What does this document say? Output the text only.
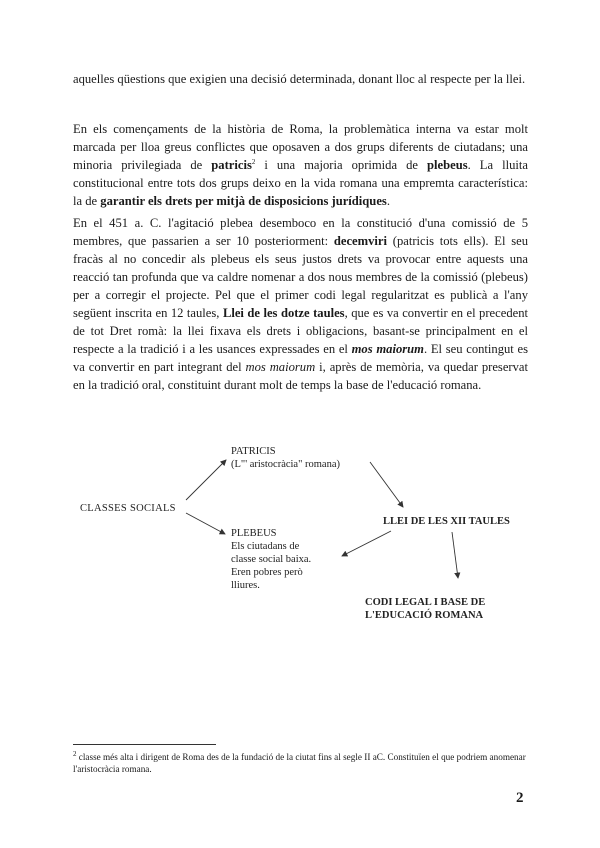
aquelles qüestions que exigien una decisió determinada, donant lloc al respecte per la llei.

En els començaments de la història de Roma, la problemàtica interna va estar molt marcada per lloa greus conflictes que oposaven a dos grups diferents de ciutadans; una minoria privilegiada de patricis$^2$ i una majoria oprimida de plebeus. La lluita constitucional entre tots dos grups deixo en la vida romana una empremta característica: la de garantir els drets per mitjà de disposicions jurídiques.

En el 451 a. C. l'agitació plebea desemboco en la constitució d'una comissió de 5 membres, que passarien a ser 10 posteriorment: decemviri (patricis tots ells). El seu fracàs al no concedir als plebeus els seus justos drets va provocar entre aquests una reacció tan profunda que va caldre nomenar a dos nous membres de la comissió (plebeus) per a corregir el projecte. Pel que el primer codi legal regularitzat es publicà a l'any següent inscrita en 12 taules, Llei de les dotze taules, que es va convertir en el precedent de tot Dret romà: la llei fixava els drets i obligacions, basant-se principalment en el respecte a la tradició i a les usances expressades en el mos maiorum. El seu contingut es va convertir en part integrant del mos maiorum i, après de memòria, va quedar preservat en la tradició oral, constituint durant molt de temps la base de l'educació romana.

CLASSES SOCIALS
PATRICIS
(L"' aristocràcia" romana)
PLEBEUS
Els ciutadans de classe social baixa. Eren pobres però lliures.
LLEI DE LES XII TAULES
CODI LEGAL I BASE DE L'EDUCACIÓ ROMANA

$^2$ classe més alta i dirigent de Roma des de la fundació de la ciutat fins al segle II aC. Constituïen el que podriem anomenar l'aristocràcia romana.

2
